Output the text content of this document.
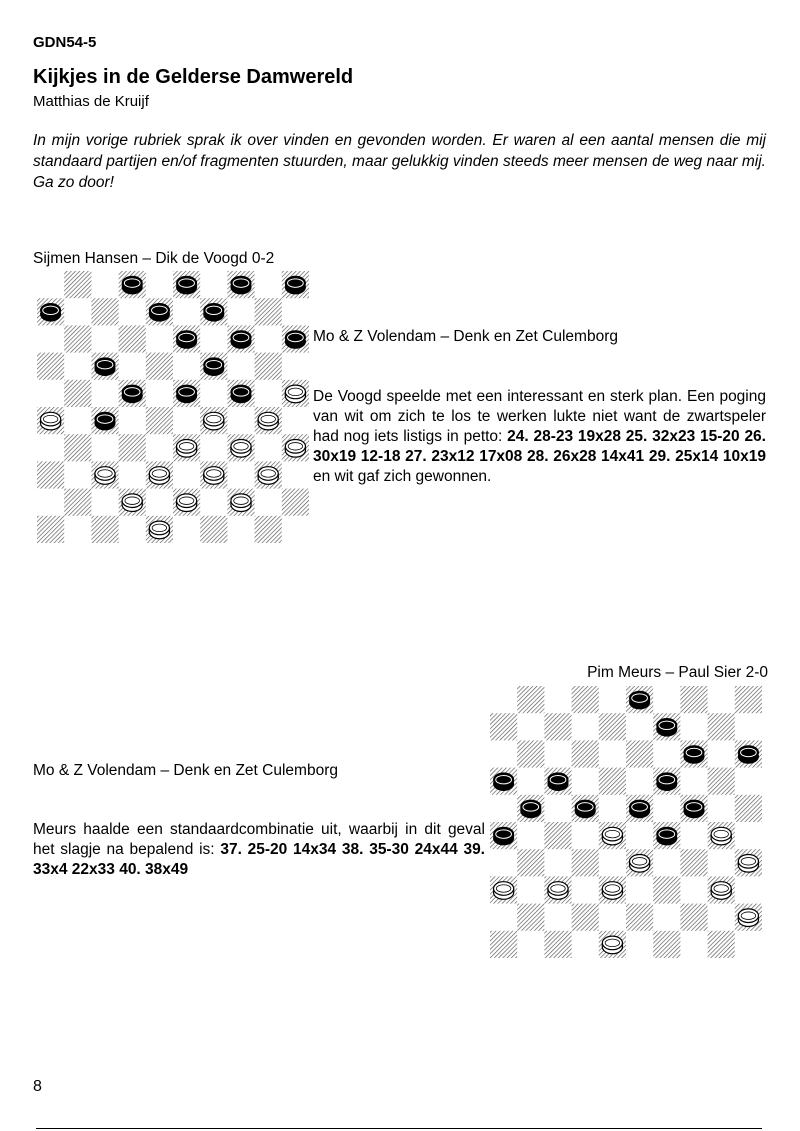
GDN54-5
Kijkjes in de Gelderse Damwereld
Matthias de Kruijf
In mijn vorige rubriek sprak ik over vinden en gevonden worden. Er waren al een aantal mensen die mij standaard partijen en/of fragmenten stuurden, maar gelukkig vinden steeds meer mensen de weg naar mij. Ga zo door!
Sijmen Hansen – Dik de Voogd 0-2
Mo & Z Volendam – Denk en Zet Culemborg
De Voogd speelde met een interessant en sterk plan. Een poging van wit om zich te los te werken lukte niet want de zwartspeler had nog iets listigs in petto: 24. 28-23 19x28 25. 32x23 15-20 26. 30x19 12-18 27. 23x12 17x08 28. 26x28 14x41 29. 25x14 10x19 en wit gaf zich gewonnen.
Pim Meurs – Paul Sier 2-0
Mo & Z Volendam – Denk en Zet Culemborg
Meurs haalde een standaardcombinatie uit, waarbij in dit geval het slagje na bepalend is: 37. 25-20 14x34 38. 35-30 24x44 39. 33x4 22x33 40. 38x49
8
